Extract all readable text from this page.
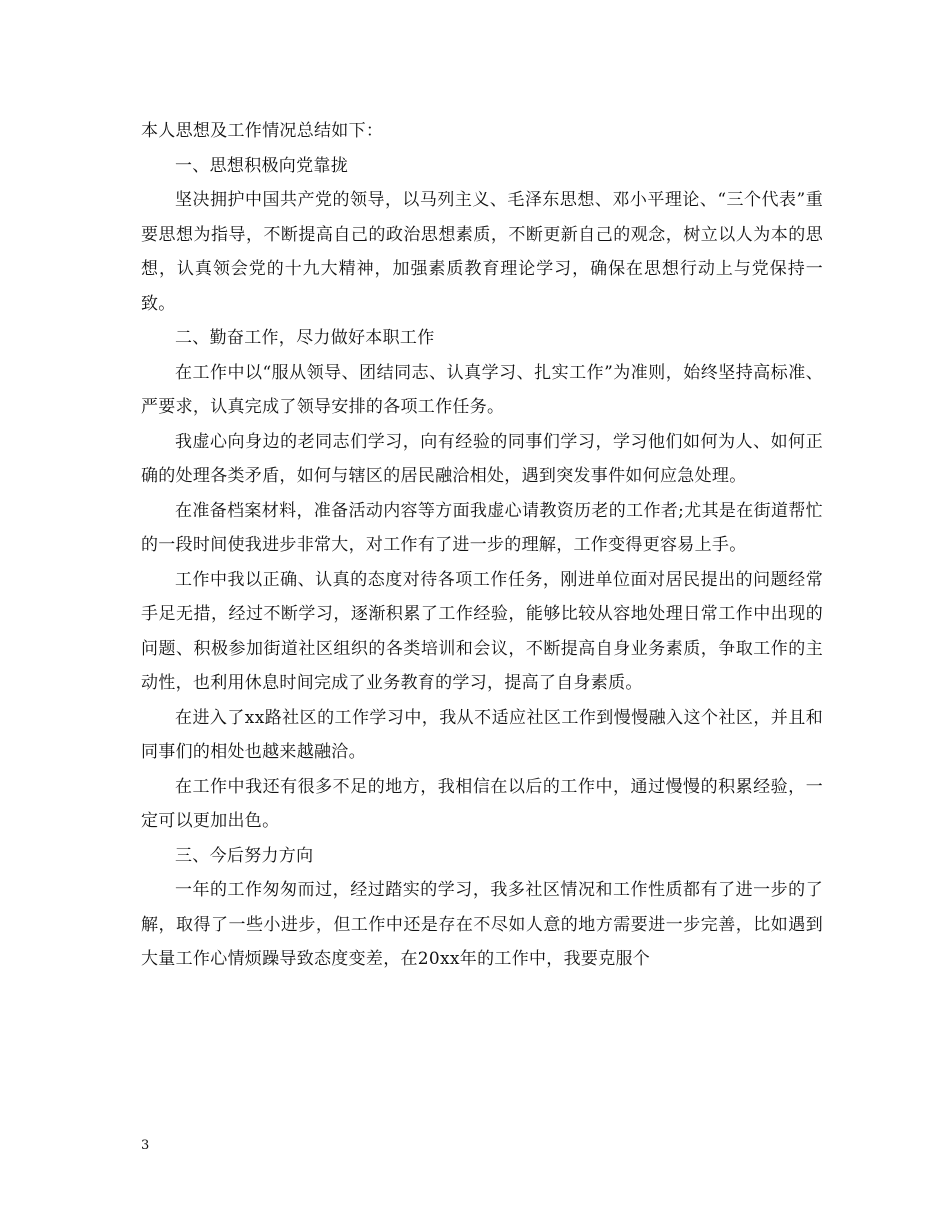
本人思想及工作情况总结如下：

一、思想积极向党靠拢

坚决拥护中国共产党的领导，以马列主义、毛泽东思想、邓小平理论、“三个代表”重要思想为指导，不断提高自己的政治思想素质，不断更新自己的观念，树立以人为本的思想，认真领会党的十九大精神，加强素质教育理论学习，确保在思想行动上与党保持一致。

二、勤奋工作，尽力做好本职工作

在工作中以“服从领导、团结同志、认真学习、扎实工作”为准则，始终坚持高标准、严要求，认真完成了领导安排的各项工作任务。

我虚心向身边的老同志们学习，向有经验的同事们学习，学习他们如何为人、如何正确的处理各类矛盾，如何与辖区的居民融洽相处，遇到突发事件如何应急处理。

在准备档案材料，准备活动内容等方面我虚心请教资历老的工作者;尤其是在街道帮忙的一段时间使我进步非常大，对工作有了进一步的理解，工作变得更容易上手。

工作中我以正确、认真的态度对待各项工作任务，刚进单位面对居民提出的问题经常手足无措，经过不断学习，逐渐积累了工作经验，能够比较从容地处理日常工作中出现的问题、积极参加街道社区组织的各类培训和会议，不断提高自身业务素质，争取工作的主动性，也利用休息时间完成了业务教育的学习，提高了自身素质。

在进入了xx路社区的工作学习中，我从不适应社区工作到慢慢融入这个社区，并且和同事们的相处也越来越融洽。

在工作中我还有很多不足的地方，我相信在以后的工作中，通过慢慢的积累经验，一定可以更加出色。

三、今后努力方向

一年的工作匆匆而过，经过踏实的学习，我多社区情况和工作性质都有了进一步的了解，取得了一些小进步，但工作中还是存在不尽如人意的地方需要进一步完善，比如遇到大量工作心情烦躁导致态度变差，在20xx年的工作中，我要克服个

3
